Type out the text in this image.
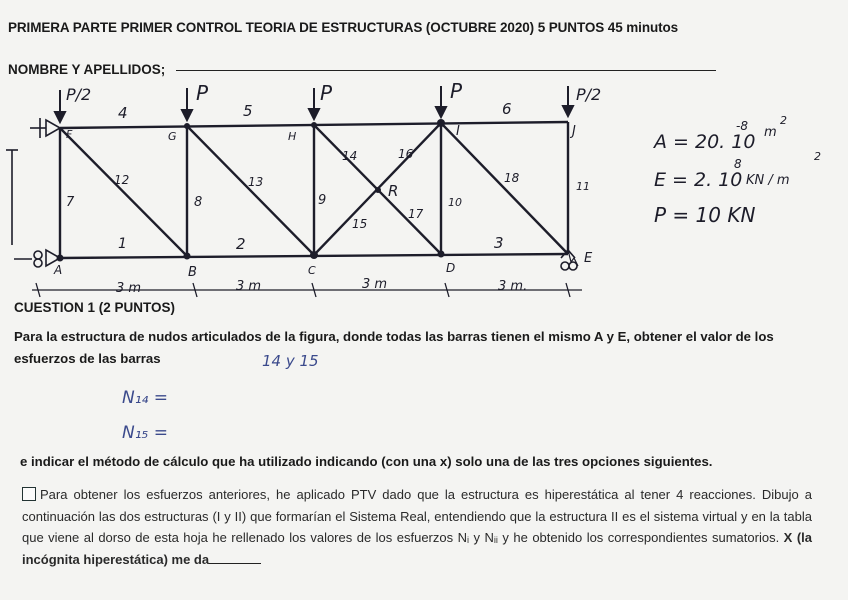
PRIMERA PARTE PRIMER CONTROL TEORIA DE ESTRUCTURAS (OCTUBRE 2020) 5 PUNTOS 45 minutos
NOMBRE Y APELLIDOS;
P/2	P	P	P	P/2
F	G	H	I	J
R
A	B	C	D
E
1	2	3
4	5	6
7	8	9	10
11
12	13
14
15
16
17
18
3 m	3 m	3 m	3 m.
A = 20. 10
-8 m
2
E = 2. 10
8
KN / m
2
P = 10 KN
CUESTION 1 (2 PUNTOS)
Para la estructura de nudos articulados de la figura, donde todas las barras tienen el mismo A y E, obtener el valor de los esfuerzos de las barras	14 y 15
N₁₄ =
N₁₅ =
e indicar el método de cálculo que ha utilizado indicando (con una x) solo una de las tres opciones siguientes.
Para obtener los esfuerzos anteriores, he aplicado PTV dado que la estructura es hiperestática al tener 4 reacciones. Dibujo a continuación las dos estructuras (I y II) que formarían el Sistema Real, entendiendo que la estructura II es el sistema virtual y en la tabla que viene al dorso de esta hoja he rellenado los valores de los esfuerzos Nᵢ y Nᵢᵢ y he obtenido los correspondientes sumatorios. X (la incógnita hiperestática) me da
